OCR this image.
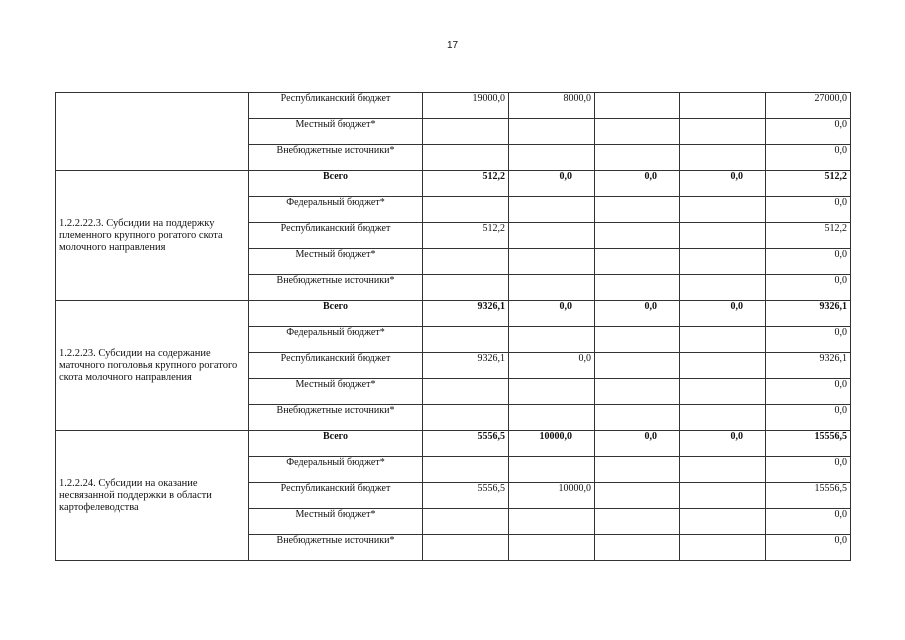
17
	Республиканский бюджет	19000,0	8000,0			27000,0
	Местный бюджет*					0,0
	Внебюджетные источники*					0,0
1.2.2.22.3. Субсидии на поддержку племенного крупного рогатого скота молочного направления	Всего	512,2	0,0	0,0	0,0	512,2
	Федеральный бюджет*					0,0
	Республиканский бюджет	512,2				512,2
	Местный бюджет*					0,0
	Внебюджетные источники*					0,0
1.2.2.23. Субсидии на содержание маточного поголовья крупного рогатого скота молочного направления	Всего	9326,1	0,0	0,0	0,0	9326,1
	Федеральный бюджет*					0,0
	Республиканский бюджет	9326,1	0,0			9326,1
	Местный бюджет*					0,0
	Внебюджетные источники*					0,0
1.2.2.24. Субсидии на оказание несвязанной поддержки в области картофелеводства	Всего	5556,5	10000,0	0,0	0,0	15556,5
	Федеральный бюджет*					0,0
	Республиканский бюджет	5556,5	10000,0			15556,5
	Местный бюджет*					0,0
	Внебюджетные источники*					0,0
